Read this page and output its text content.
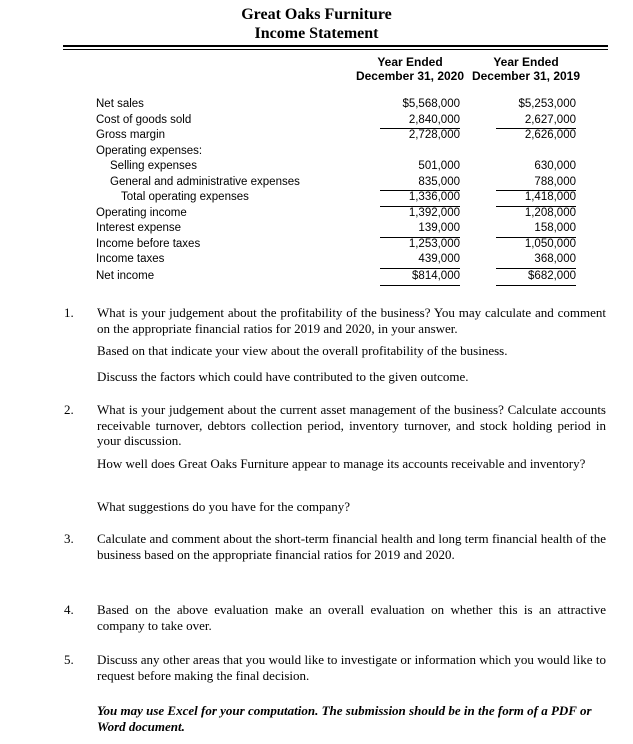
Great Oaks Furniture
Income Statement
Year Ended December 31, 2020
Year Ended December 31, 2019
Net sales	$5,568,000	$5,253,000
Cost of goods sold	2,840,000	2,627,000
Gross margin	2,728,000	2,626,000
Operating expenses:
Selling expenses	501,000	630,000
General and administrative expenses	835,000	788,000
Total operating expenses	1,336,000	1,418,000
Operating income	1,392,000	1,208,000
Interest expense	139,000	158,000
Income before taxes	1,253,000	1,050,000
Income taxes	439,000	368,000
Net income	$814,000	$682,000
1. What is your judgement about the profitability of the business? You may calculate and comment on the appropriate financial ratios for 2019 and 2020, in your answer.
Based on that indicate your view about the overall profitability of the business.
Discuss the factors which could have contributed to the given outcome.
2. What is your judgement about the current asset management of the business? Calculate accounts receivable turnover, debtors collection period, inventory turnover, and stock holding period in your discussion.
How well does Great Oaks Furniture appear to manage its accounts receivable and inventory?
What suggestions do you have for the company?
3. Calculate and comment about the short-term financial health and long term financial health of the business based on the appropriate financial ratios for 2019 and 2020.
4. Based on the above evaluation make an overall evaluation on whether this is an attractive company to take over.
5. Discuss any other areas that you would like to investigate or information which you would like to request before making the final decision.
You may use Excel for your computation. The submission should be in the form of a PDF or Word document.
